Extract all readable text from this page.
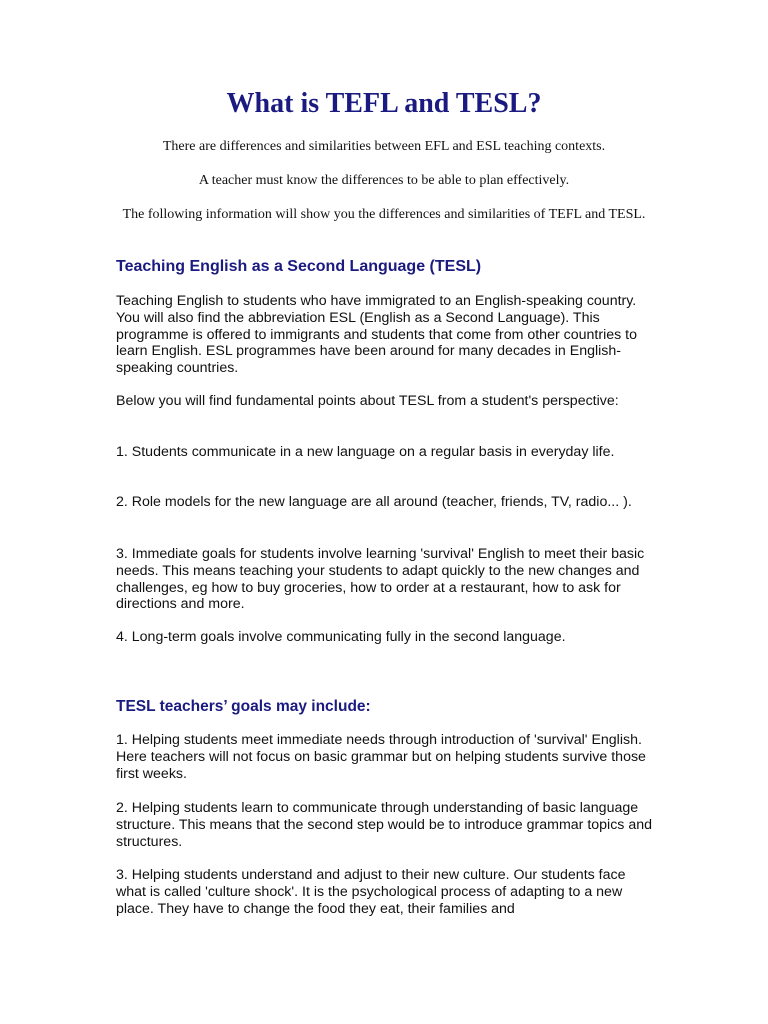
What is TEFL and TESL?

There are differences and similarities between EFL and ESL teaching contexts.

A teacher must know the differences to be able to plan effectively.

The following information will show you the differences and similarities of TEFL and TESL.

Teaching English as a Second Language (TESL)

Teaching English to students who have immigrated to an English-speaking country. You will also find the abbreviation ESL (English as a Second Language). This programme is offered to immigrants and students that come from other countries to learn English. ESL programmes have been around for many decades in English-speaking countries.

Below you will find fundamental points about TESL from a student's perspective:

1. Students communicate in a new language on a regular basis in everyday life.

2. Role models for the new language are all around (teacher, friends, TV, radio... ).

3. Immediate goals for students involve learning 'survival' English to meet their basic needs. This means teaching your students to adapt quickly to the new changes and challenges, eg how to buy groceries, how to order at a restaurant, how to ask for directions and more.

4. Long-term goals involve communicating fully in the second language.

TESL teachers’ goals may include:

1. Helping students meet immediate needs through introduction of 'survival' English. Here teachers will not focus on basic grammar but on helping students survive those first weeks.

2. Helping students learn to communicate through understanding of basic language structure. This means that the second step would be to introduce grammar topics and structures.

3. Helping students understand and adjust to their new culture. Our students face what is called 'culture shock'. It is the psychological process of adapting to a new place. They have to change the food they eat, their families and
